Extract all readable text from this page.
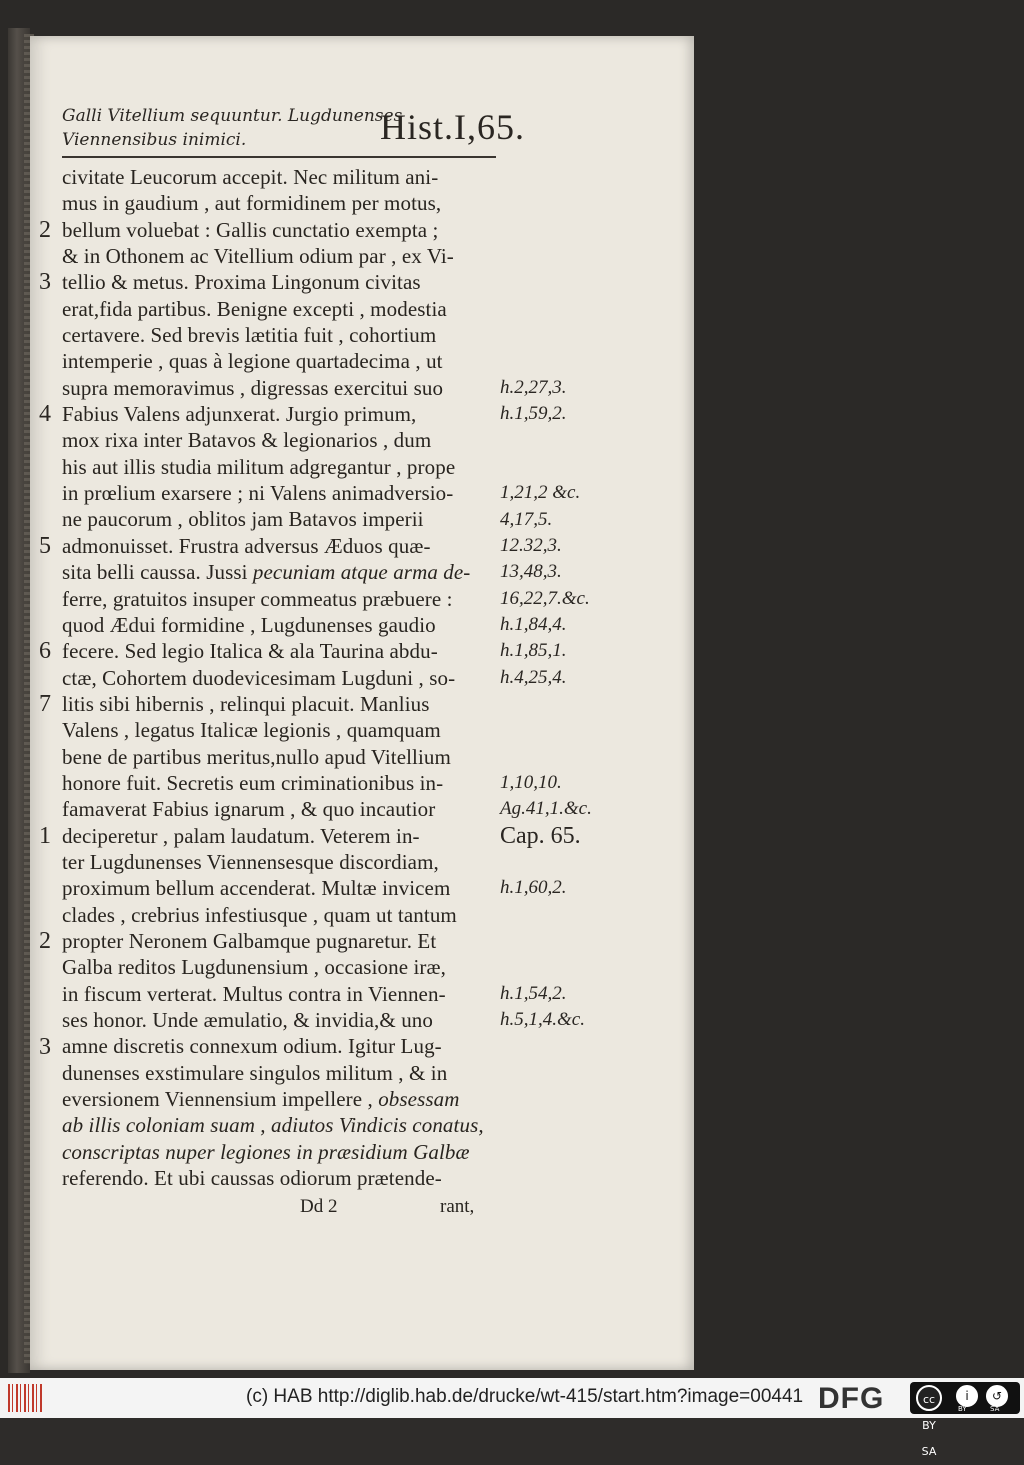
Galli Vitellium sequuntur. Lugdunenses
Viennensibus inimici.	Hist.I,65.
2
3
4
5
6
7
1
2
3
civitate Leucorum accepit. Nec militum ani-
mus in gaudium , aut formidinem per motus,
bellum voluebat : Gallis cunctatio exempta ;
& in Othonem ac Vitellium odium par , ex Vi-
tellio & metus. Proxima Lingonum civitas
erat,fida partibus. Benigne excepti , modestia
certavere. Sed brevis lætitia fuit , cohortium
intemperie , quas à legione quartadecima , ut
supra memoravimus , digressas exercitui suo
Fabius Valens adjunxerat. Jurgio primum,
mox rixa inter Batavos & legionarios , dum
his aut illis studia militum adgregantur , prope
in prœlium exarsere ; ni Valens animadversio-
ne paucorum , oblitos jam Batavos imperii
admonuisset. Frustra adversus Æduos quæ-
sita belli caussa. Jussi pecuniam atque arma de-
ferre, gratuitos insuper commeatus præbuere :
quod Ædui formidine , Lugdunenses gaudio
fecere. Sed legio Italica & ala Taurina abdu-
ctæ, Cohortem duodevicesimam Lugduni , so-
litis sibi hibernis , relinqui placuit. Manlius
Valens , legatus Italicæ legionis , quamquam
bene de partibus meritus,nullo apud Vitellium
honore fuit. Secretis eum criminationibus in-
famaverat Fabius ignarum , & quo incautior
deciperetur , palam laudatum. Veterem in-
ter Lugdunenses Viennensesque discordiam,
proximum bellum accenderat. Multæ invicem
clades , crebrius infestiusque , quam ut tantum
propter Neronem Galbamque pugnaretur. Et
Galba reditos Lugdunensium , occasione iræ,
in fiscum verterat. Multus contra in Viennen-
ses honor. Unde æmulatio, & invidia,& uno
amne discretis connexum odium. Igitur Lug-
dunenses exstimulare singulos militum , & in
eversionem Viennensium impellere , obsessam
ab illis coloniam suam , adiutos Vindicis conatus,
conscriptas nuper legiones in præsidium Galbæ
referendo. Et ubi caussas odiorum prætende-
h.2,27,3.
h.1,59,2.
1,21,2 &c.
4,17,5.
12.32,3.
13,48,3.
16,22,7.&c.
h.1,84,4.
h.1,85,1.
h.4,25,4.
1,10,10.
Ag.41,1.&c.
Cap. 65.
h.1,60,2.
h.1,54,2.
h.5,1,4.&c.
Dd 2	rant,
(c) HAB http://diglib.hab.de/drucke/wt-415/start.htm?image=00441 DFG	cc BY SA
i	↺
BY	SA
